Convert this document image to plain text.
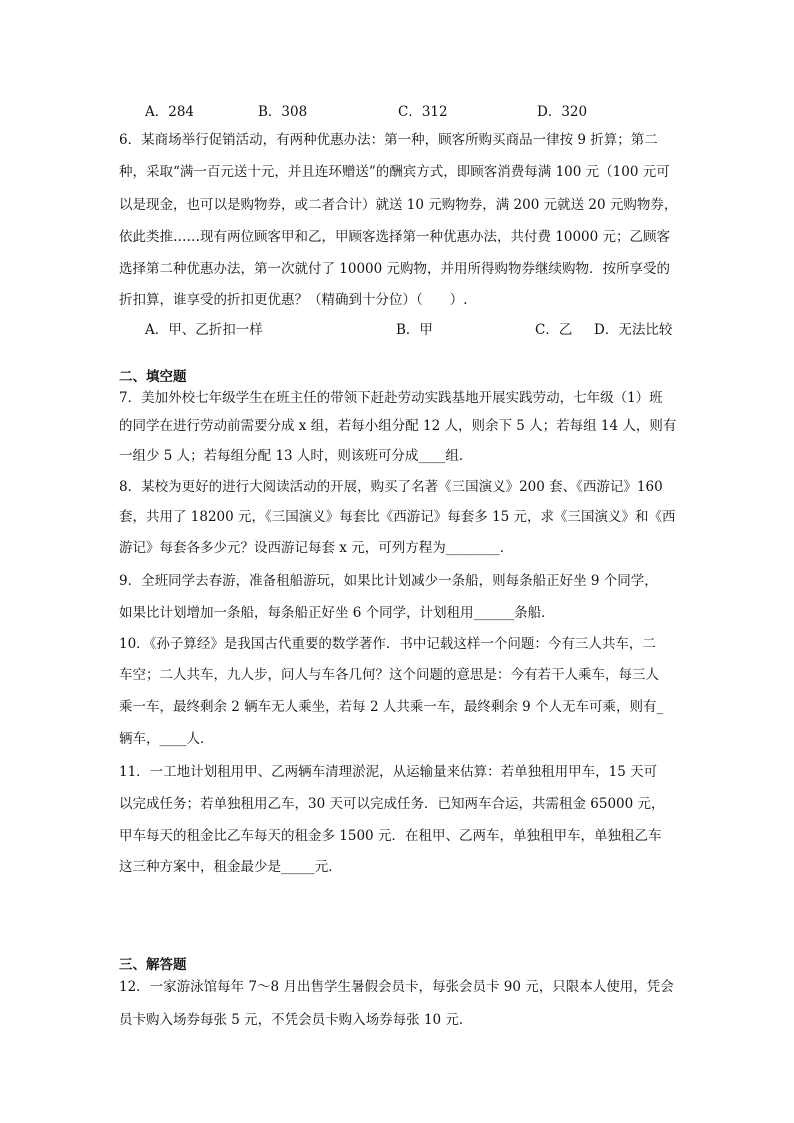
A．284	B．308	C．312	D．320
6．某商场举行促销活动，有两种优惠办法：第一种，顾客所购买商品一律按 9 折算；第二
种，采取“满一百元送十元，并且连环赠送”的酬宾方式，即顾客消费每满 100 元（100 元可
以是现金，也可以是购物券，或二者合计）就送 10 元购物券，满 200 元就送 20 元购物券，
依此类推……现有两位顾客甲和乙，甲顾客选择第一种优惠办法，共付费 10000 元；乙顾客
选择第二种优惠办法，第一次就付了 10000 元购物，并用所得购物券继续购物．按所享受的
折扣算，谁享受的折扣更优惠？（精确到十分位）（　　）.
A．甲、乙折扣一样	B．甲	C．乙 D．无法比较
二、填空题
7．美加外校七年级学生在班主任的带领下赶赴劳动实践基地开展实践劳动，七年级（1）班
的同学在进行劳动前需要分成 x 组，若每小组分配 12 人，则余下 5 人；若每组 14 人，则有
一组少 5 人；若每组分配 13 人时，则该班可分成____组．
8．某校为更好的进行大阅读活动的开展，购买了名著《三国演义》200 套、《西游记》160
套，共用了 18200 元，《三国演义》每套比《西游记》每套多 15 元，求《三国演义》和《西
游记》每套各多少元？设西游记每套 x 元，可列方程为________．
9．全班同学去春游，准备租船游玩，如果比计划减少一条船，则每条船正好坐 9 个同学，
如果比计划增加一条船，每条船正好坐 6 个同学，计划租用______条船．
10．《孙子算经》是我国古代重要的数学著作．书中记载这样一个问题：今有三人共车，二
车空；二人共车，九人步，问人与车各几何？这个问题的意思是：今有若干人乘车，每三人
乘一车，最终剩余 2 辆车无人乘坐，若每 2 人共乘一车，最终剩余 9 个人无车可乘，则有_
辆车，____人．
11．一工地计划租用甲、乙两辆车清理淤泥，从运输量来估算：若单独租用甲车，15 天可
以完成任务；若单独租用乙车，30 天可以完成任务．已知两车合运，共需租金 65000 元，
甲车每天的租金比乙车每天的租金多 1500 元．在租甲、乙两车，单独租甲车，单独租乙车
这三种方案中，租金最少是_____元．
三、解答题
12．一家游泳馆每年 7～8 月出售学生暑假会员卡，每张会员卡 90 元，只限本人使用，凭会
员卡购入场券每张 5 元，不凭会员卡购入场券每张 10 元．
